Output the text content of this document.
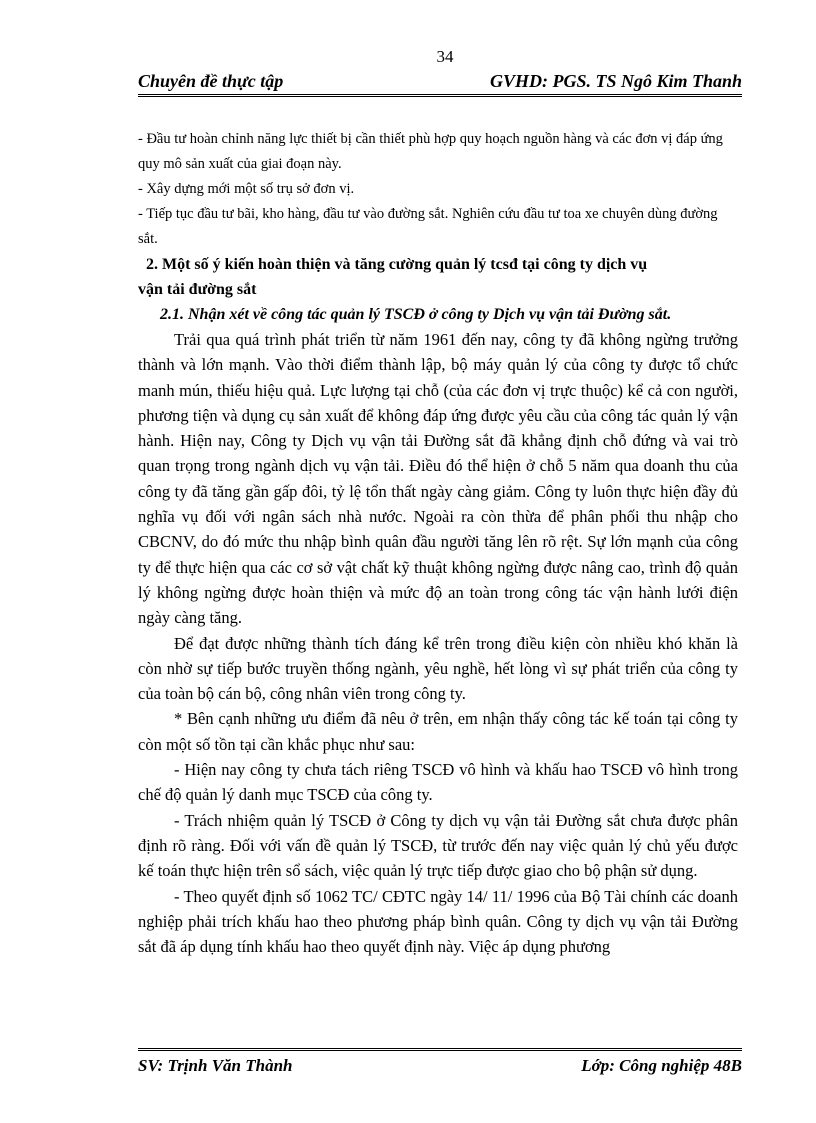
34
Chuyên đề thực tập	GVHD: PGS. TS Ngô Kim Thanh

- Đầu tư hoàn chỉnh năng lực thiết bị cần thiết phù hợp quy hoạch nguồn hàng và các đơn vị đáp ứng quy mô sản xuất của giai đoạn này.

- Xây dựng mới một số trụ sở đơn vị.

- Tiếp tục đầu tư bãi, kho hàng, đầu tư vào đường sắt. Nghiên cứu đầu tư toa xe chuyên dùng đường sắt.

2. Một số ý kiến hoàn thiện và tăng cường quản lý tcsđ tại công ty dịch vụ
vận tải đường sắt

2.1. Nhận xét về công tác quản lý TSCĐ ở công ty Dịch vụ vận tải Đường sắt.

Trải qua quá trình phát triển từ năm 1961 đến nay, công ty đã không ngừng trưởng thành và lớn mạnh. Vào thời điểm thành lập, bộ máy quản lý của công ty được tổ chức manh mún, thiếu hiệu quả. Lực lượng tại chỗ (của các đơn vị trực thuộc) kể cả con người, phương tiện và dụng cụ sản xuất để không đáp ứng được yêu cầu của công tác quản lý vận hành. Hiện nay, Công ty Dịch vụ vận tải Đường sắt đã khẳng định chỗ đứng và vai trò quan trọng trong ngành dịch vụ vận tải. Điều đó thể hiện ở chỗ 5 năm qua doanh thu của công ty đã tăng gần gấp đôi, tỷ lệ tổn thất ngày càng giảm. Công ty luôn thực hiện đầy đủ nghĩa vụ đối với ngân sách nhà nước. Ngoài ra còn thừa để phân phối thu nhập cho CBCNV, do đó mức thu nhập bình quân đầu người tăng lên rõ rệt. Sự lớn mạnh của công ty để thực hiện qua các cơ sở vật chất kỹ thuật không ngừng được nâng cao, trình độ quản lý không ngừng được hoàn thiện và mức độ an toàn trong công tác vận hành lưới điện ngày càng tăng.

Để đạt được những thành tích đáng kể trên trong điều kiện còn nhiều khó khăn là còn nhờ sự tiếp bước truyền thống ngành, yêu nghề, hết lòng vì sự phát triển của công ty của toàn bộ cán bộ, công nhân viên trong công ty.

* Bên cạnh những ưu điểm đã nêu ở trên, em nhận thấy công tác kế toán tại công ty còn một số tồn tại cần khắc phục như sau:

- Hiện nay công ty chưa tách riêng TSCĐ vô hình và khấu hao TSCĐ vô hình trong chế độ quản lý danh mục TSCĐ của công ty.

- Trách nhiệm quản lý TSCĐ ở Công ty dịch vụ vận tải Đường sắt chưa được phân định rõ ràng. Đối với vấn đề quản lý TSCĐ, từ trước đến nay việc quản lý chủ yếu được kế toán thực hiện trên sổ sách, việc quản lý trực tiếp được giao cho bộ phận sử dụng.

- Theo quyết định số 1062 TC/ CĐTC ngày 14/ 11/ 1996 của Bộ Tài chính các doanh nghiệp phải trích khấu hao theo phương pháp bình quân. Công ty dịch vụ vận tải Đường sắt đã áp dụng tính khấu hao theo quyết định này. Việc áp dụng phương

SV: Trịnh Văn Thành	Lớp: Công nghiệp 48B
